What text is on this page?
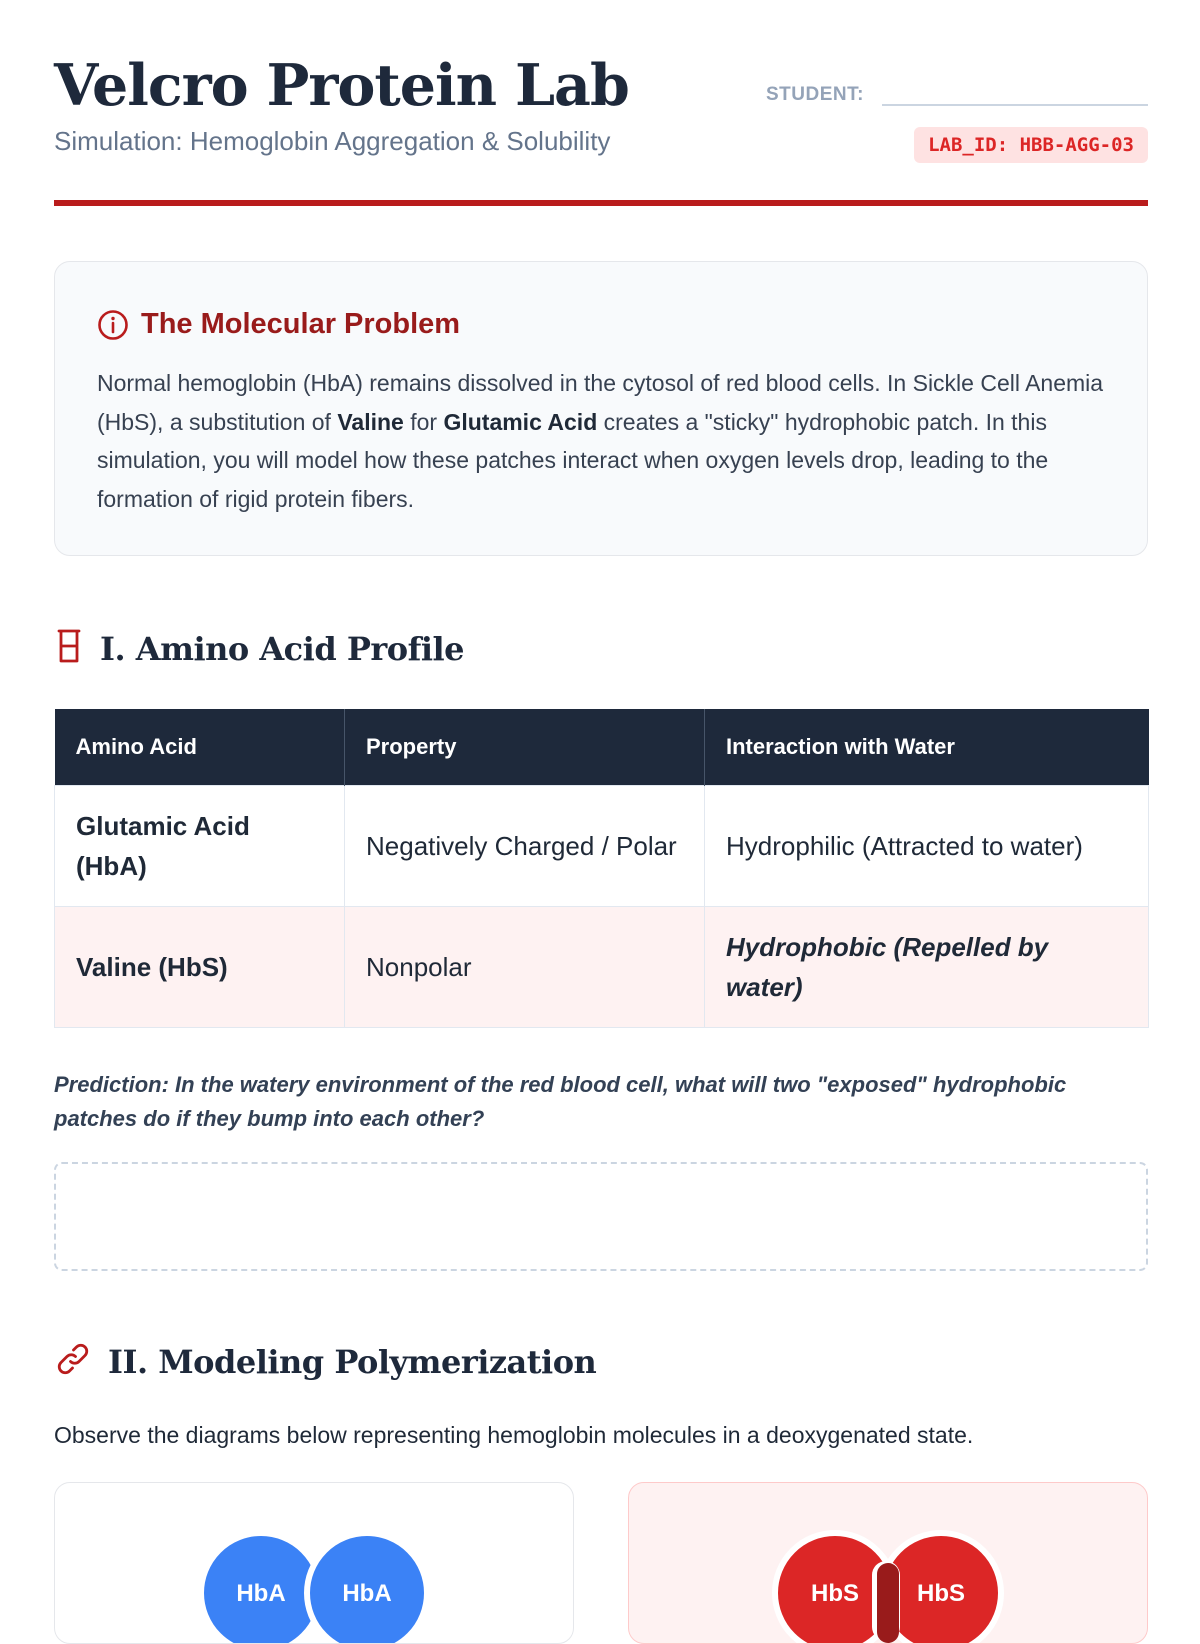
Velcro Protein Lab
Simulation: Hemoglobin Aggregation & Solubility
STUDENT:
LAB_ID: HBB-AGG-03
The Molecular Problem
Normal hemoglobin (HbA) remains dissolved in the cytosol of red blood cells. In Sickle Cell Anemia (HbS), a substitution of Valine for Glutamic Acid creates a "sticky" hydrophobic patch. In this simulation, you will model how these patches interact when oxygen levels drop, leading to the formation of rigid protein fibers.
I. Amino Acid Profile
Amino Acid	Property	Interaction with Water
Glutamic Acid (HbA)	Negatively Charged / Polar	Hydrophilic (Attracted to water)
Valine (HbS)	Nonpolar	Hydrophobic (Repelled by water)
Prediction: In the watery environment of the red blood cell, what will two "exposed" hydrophobic patches do if they bump into each other?
II. Modeling Polymerization
Observe the diagrams below representing hemoglobin molecules in a deoxygenated state.
HbA HbA	HbS HbS
